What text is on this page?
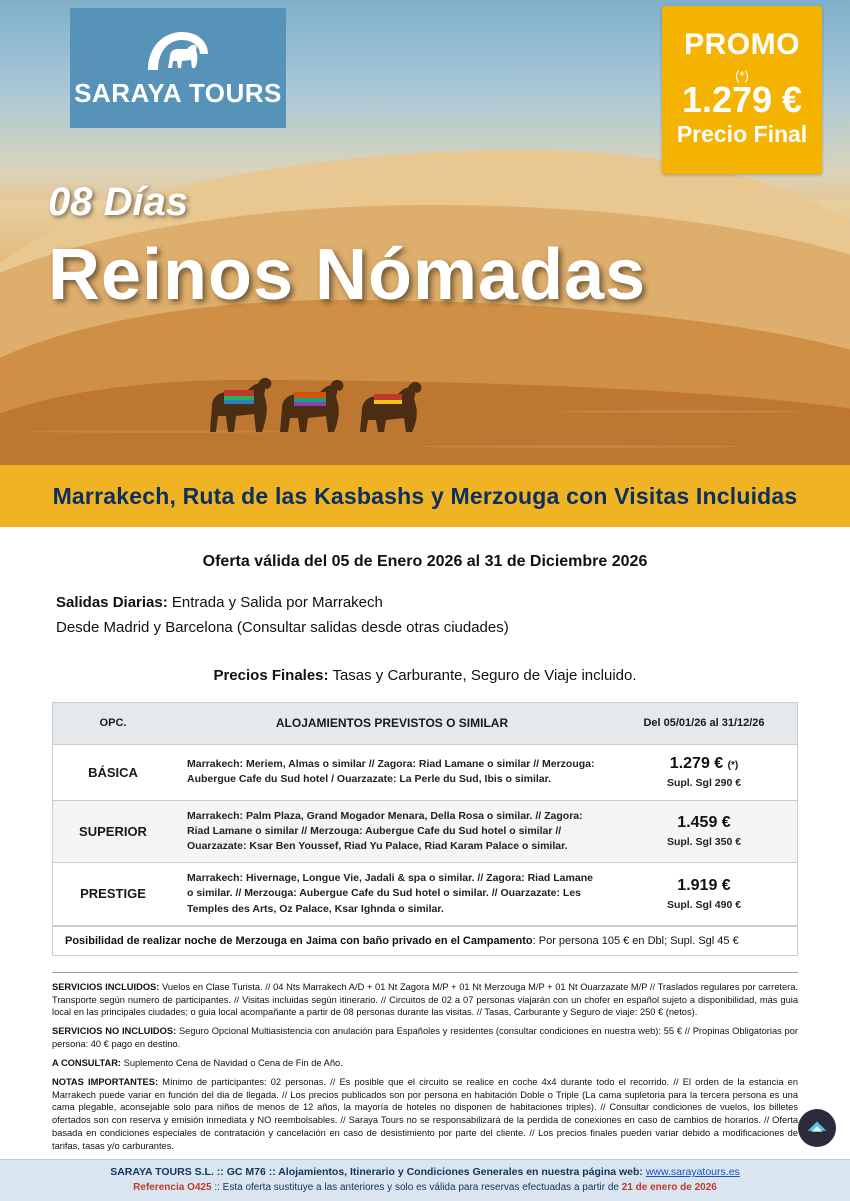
SARAYA TOURS
PROMO
(*)
1.279 €
Precio Final
08 Días
Reinos Nómadas
Marrakech, Ruta de las Kasbashs y Merzouga con Visitas Incluidas
Oferta válida del 05 de Enero 2026 al 31 de Diciembre 2026
Salidas Diarias: Entrada y Salida por Marrakech
Desde Madrid y Barcelona (Consultar salidas desde otras ciudades)
Precios Finales: Tasas y Carburante, Seguro de Viaje incluido.
OPC.	ALOJAMIENTOS PREVISTOS O SIMILAR	Del 05/01/26 al 31/12/26
BÁSICA
Marrakech: Meriem, Almas o similar // Zagora: Riad Lamane o similar // Merzouga: Aubergue Cafe du Sud hotel / Ouarzazate: La Perle du Sud, Ibis o similar.
1.279 € (*)
Supl. Sgl 290 €
SUPERIOR
Marrakech: Palm Plaza, Grand Mogador Menara, Della Rosa o similar. // Zagora: Riad Lamane o similar // Merzouga: Aubergue Cafe du Sud hotel o similar // Ouarzazate: Ksar Ben Youssef, Riad Yu Palace, Riad Karam Palace o similar.
1.459 €
Supl. Sgl 350 €
PRESTIGE
Marrakech: Hivernage, Longue Vie, Jadali & spa o similar. // Zagora: Riad Lamane o similar. // Merzouga: Aubergue Cafe du Sud hotel o similar. // Ouarzazate: Les Temples des Arts, Oz Palace, Ksar Ighnda o similar.
1.919 €
Supl. Sgl 490 €
Posibilidad de realizar noche de Merzouga en Jaima con baño privado en el Campamento: Por persona 105 € en Dbl; Supl. Sgl 45 €

SERVICIOS INCLUIDOS: Vuelos en Clase Turista. // 04 Nts Marrakech A/D + 01 Nt Zagora M/P + 01 Nt Merzouga M/P + 01 Nt Ouarzazate M/P // Traslados regulares por carretera. Transporte según numero de participantes. // Visitas incluidas según itinerario. // Circuitos de 02 a 07 personas viajarán con un chofer en español sujeto a disponibilidad, más guia local en las principales ciudades; o guia local acompañante a partir de 08 personas durante las visitas. // Tasas, Carburante y Seguro de viaje: 250 € (netos).

SERVICIOS NO INCLUIDOS: Seguro Opcional Multiasistencia con anulación para Españoles y residentes (consultar condiciones en nuestra web): 55 € // Propinas Obligatorias por persona: 40 € pago en destino.

A CONSULTAR: Suplemento Cena de Navidad o Cena de Fin de Año.

NOTAS IMPORTANTES: Mínimo de participantes: 02 personas. // Es posible que el circuito se realice en coche 4x4 durante todo el recorrido. // El orden de la estancia en Marrakech puede variar en función del dia de llegada. // Los precios publicados son por persona en habitación Doble o Triple (La cama supletoria para la tercera persona es una cama plegable, aconsejable solo para niños de menos de 12 años, la mayoría de hoteles no disponen de habitaciones triples). // Consultar condiciones de vuelos, los billetes ofertados son con reserva y emisión inmediata y NO reembolsables. // Saraya Tours no se responsabilizará de la perdida de conexiones en caso de cambios de horarios. // Oferta basada en condiciones especiales de contratación y cancelación en caso de desistimiento por parte del cliente. // Los precios finales pueden variar debido a modificaciones de tarifas, tasas y/o carburantes.

SARAYA TOURS S.L. :: GC M76 :: Alojamientos, Itinerario y Condiciones Generales en nuestra página web: www.sarayatours.es
Referencia O425 :: Esta oferta sustituye a las anteriores y solo es válida para reservas efectuadas a partir de 21 de enero de 2026
